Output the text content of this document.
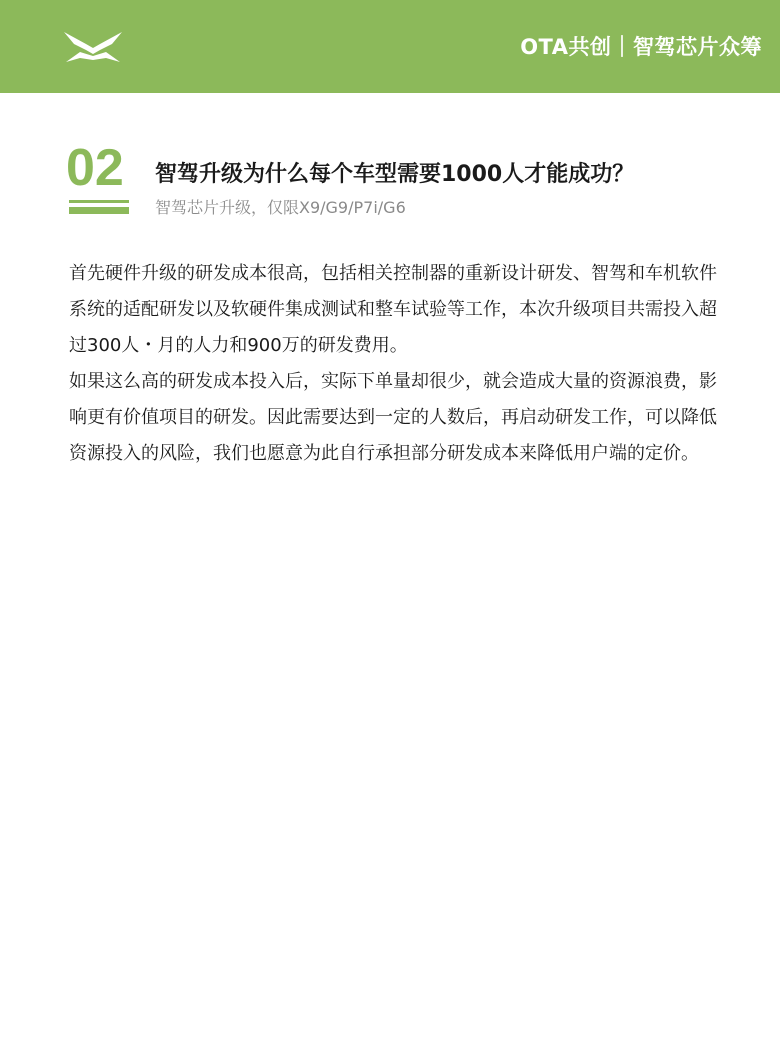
OTA共创｜智驾芯片众筹
02 智驾升级为什么每个车型需要1000人才能成功？
智驾芯片升级，仅限X9/G9/P7i/G6

首先硬件升级的研发成本很高，包括相关控制器的重新设计研发、智驾和车机软件系统的适配研发以及软硬件集成测试和整车试验等工作，本次升级项目共需投入超过300人・月的人力和900万的研发费用。

如果这么高的研发成本投入后，实际下单量却很少，就会造成大量的资源浪费，影响更有价值项目的研发。因此需要达到一定的人数后，再启动研发工作，可以降低资源投入的风险，我们也愿意为此自行承担部分研发成本来降低用户端的定价。
